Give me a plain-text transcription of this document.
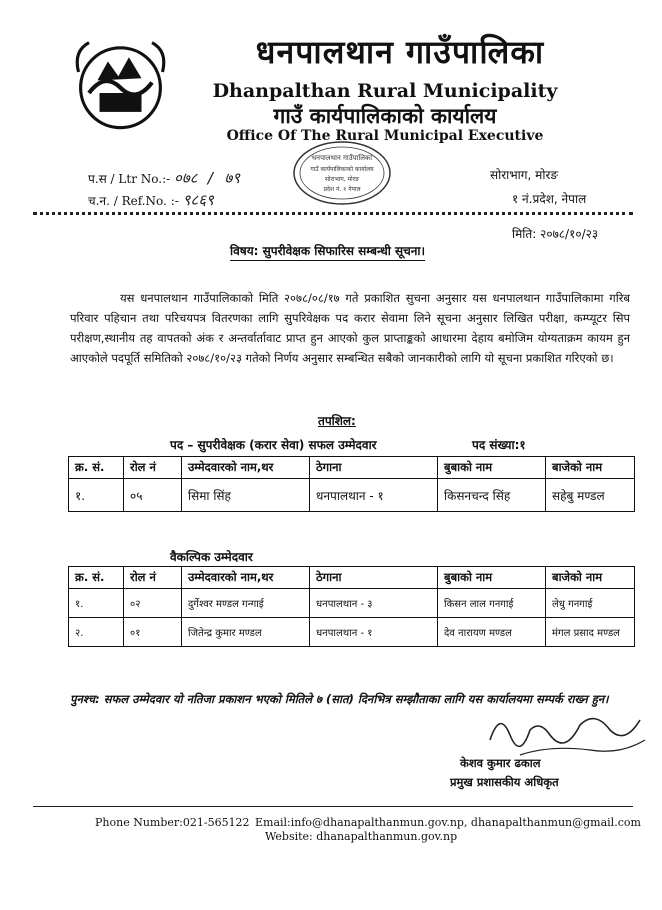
धनपालथान गाउँपालिका
Dhanpalthan Rural Municipality
गाउँ कार्यपालिकाको कार्यालय
Office Of The Rural Municipal Executive
धनपालथान गाउँपालिका
गाउँ कार्यपालिकाको कार्यालय
सोराभाग, मोरङ
प्रदेश नं. १ नेपाल
प.स / Ltr No.:- ०७८ / ७९
च.न. / Ref.No. :- ९८६९
सोराभाग, मोरङ
१ नं.प्रदेश, नेपाल
मिति: २०७८/१०/२३
विषय: सुपरीवेक्षक सिफारिस सम्बन्धी सूचना।
यस धनपालथान गाउँपालिकाको मिति २०७८/०८/१७ गते प्रकाशित सुचना अनुसार यस धनपालथान गाउँपालिकामा गरिब परिवार पहिचान तथा परिचयपत्र वितरणका लागि सुपरिवेक्षक पद करार सेवामा लिने सूचना अनुसार लिखित परीक्षा, कम्प्यूटर सिप परीक्षण,स्थानीय तह वापतको अंक र अन्तर्वार्तावाट प्राप्त हुन आएको कुल प्राप्ताङ्कको आधारमा देहाय बमोजिम योग्यताक्रम कायम हुन आएकोले पदपूर्ति समितिको २०७८/१०/२३ गतेको निर्णय अनुसार सम्बन्धित सबैको जानकारीको लागि यो सूचना प्रकाशित गरिएको छ।
तपशिल:
पद – सुपरीवेक्षक (करार सेवा) सफल उम्मेदवार	पद संख्या:१
क्र. सं.	रोल नं	उम्मेदवारको नाम,थर	ठेगाना	बुबाको नाम	बाजेको नाम
१.	०५	सिमा सिंह	धनपालथान - १	किसनचन्द सिंह	सहेबु मण्डल
वैकल्पिक उम्मेदवार
क्र. सं.	रोल नं	उम्मेदवारको नाम,थर	ठेगाना	बुबाको नाम	बाजेको नाम
१.	०२	दुर्गेश्वर मण्डल गन्गाई	धनपालथान - ३	किसन लाल गनगाई	लेधु गनगाई
२.	०१	जितेन्द्र कुमार मण्डल	धनपालथान - १	देव नारायण मण्डल	मंगल प्रसाद मण्डल
पुनश्च: सफल उम्मेदवार यो नतिजा प्रकाशन भएको मितिले ७ (सात) दिनभित्र सम्झौताका लागि यस कार्यालयमा सम्पर्क राख्न हुन।
केशव कुमार ढकाल
प्रमुख प्रशासकीय अधिकृत
Phone Number:021-565122 Email:info@dhanapalthanmun.gov.np, dhanapalthanmun@gmail.com
Website: dhanapalthanmun.gov.np
